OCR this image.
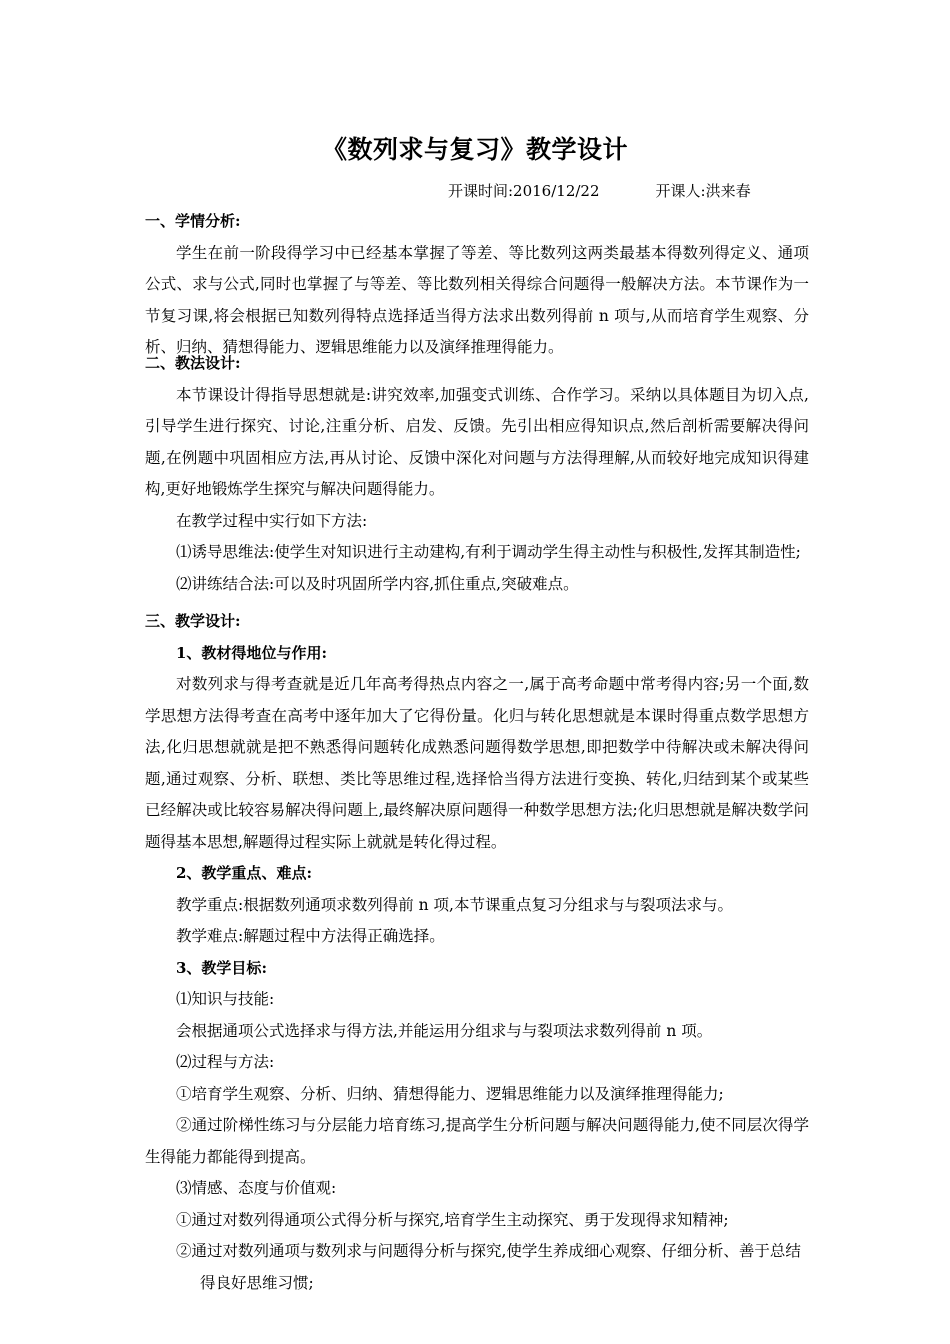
《数列求与复习》教学设计
开课时间:2016/12/22	开课人:洪来春
一、学情分析:
学生在前一阶段得学习中已经基本掌握了等差、等比数列这两类最基本得数列得定义、通项公式、求与公式,同时也掌握了与等差、等比数列相关得综合问题得一般解决方法。本节课作为一节复习课,将会根据已知数列得特点选择适当得方法求出数列得前 n 项与,从而培育学生观察、分析、归纳、猜想得能力、逻辑思维能力以及演绎推理得能力。
二、教法设计:
本节课设计得指导思想就是:讲究效率,加强变式训练、合作学习。采纳以具体题目为切入点,引导学生进行探究、讨论,注重分析、启发、反馈。先引出相应得知识点,然后剖析需要解决得问题,在例题中巩固相应方法,再从讨论、反馈中深化对问题与方法得理解,从而较好地完成知识得建构,更好地锻炼学生探究与解决问题得能力。
在教学过程中实行如下方法:
⑴诱导思维法:使学生对知识进行主动建构,有利于调动学生得主动性与积极性,发挥其制造性;
⑵讲练结合法:可以及时巩固所学内容,抓住重点,突破难点。
三、教学设计:
1、教材得地位与作用:
对数列求与得考查就是近几年高考得热点内容之一,属于高考命题中常考得内容;另一个面,数学思想方法得考查在高考中逐年加大了它得份量。化归与转化思想就是本课时得重点数学思想方法,化归思想就就是把不熟悉得问题转化成熟悉问题得数学思想,即把数学中待解决或未解决得问题,通过观察、分析、联想、类比等思维过程,选择恰当得方法进行变换、转化,归结到某个或某些已经解决或比较容易解决得问题上,最终解决原问题得一种数学思想方法;化归思想就是解决数学问题得基本思想,解题得过程实际上就就是转化得过程。
2、教学重点、难点:
教学重点:根据数列通项求数列得前 n 项,本节课重点复习分组求与与裂项法求与。
教学难点:解题过程中方法得正确选择。
3、教学目标:
⑴知识与技能:
会根据通项公式选择求与得方法,并能运用分组求与与裂项法求数列得前 n 项。
⑵过程与方法:
①培育学生观察、分析、归纳、猜想得能力、逻辑思维能力以及演绎推理得能力;
②通过阶梯性练习与分层能力培育练习,提高学生分析问题与解决问题得能力,使不同层次得学生得能力都能得到提高。
⑶情感、态度与价值观:
①通过对数列得通项公式得分析与探究,培育学生主动探究、勇于发现得求知精神;
②通过对数列通项与数列求与问题得分析与探究,使学生养成细心观察、仔细分析、善于总结得良好思维习惯;
